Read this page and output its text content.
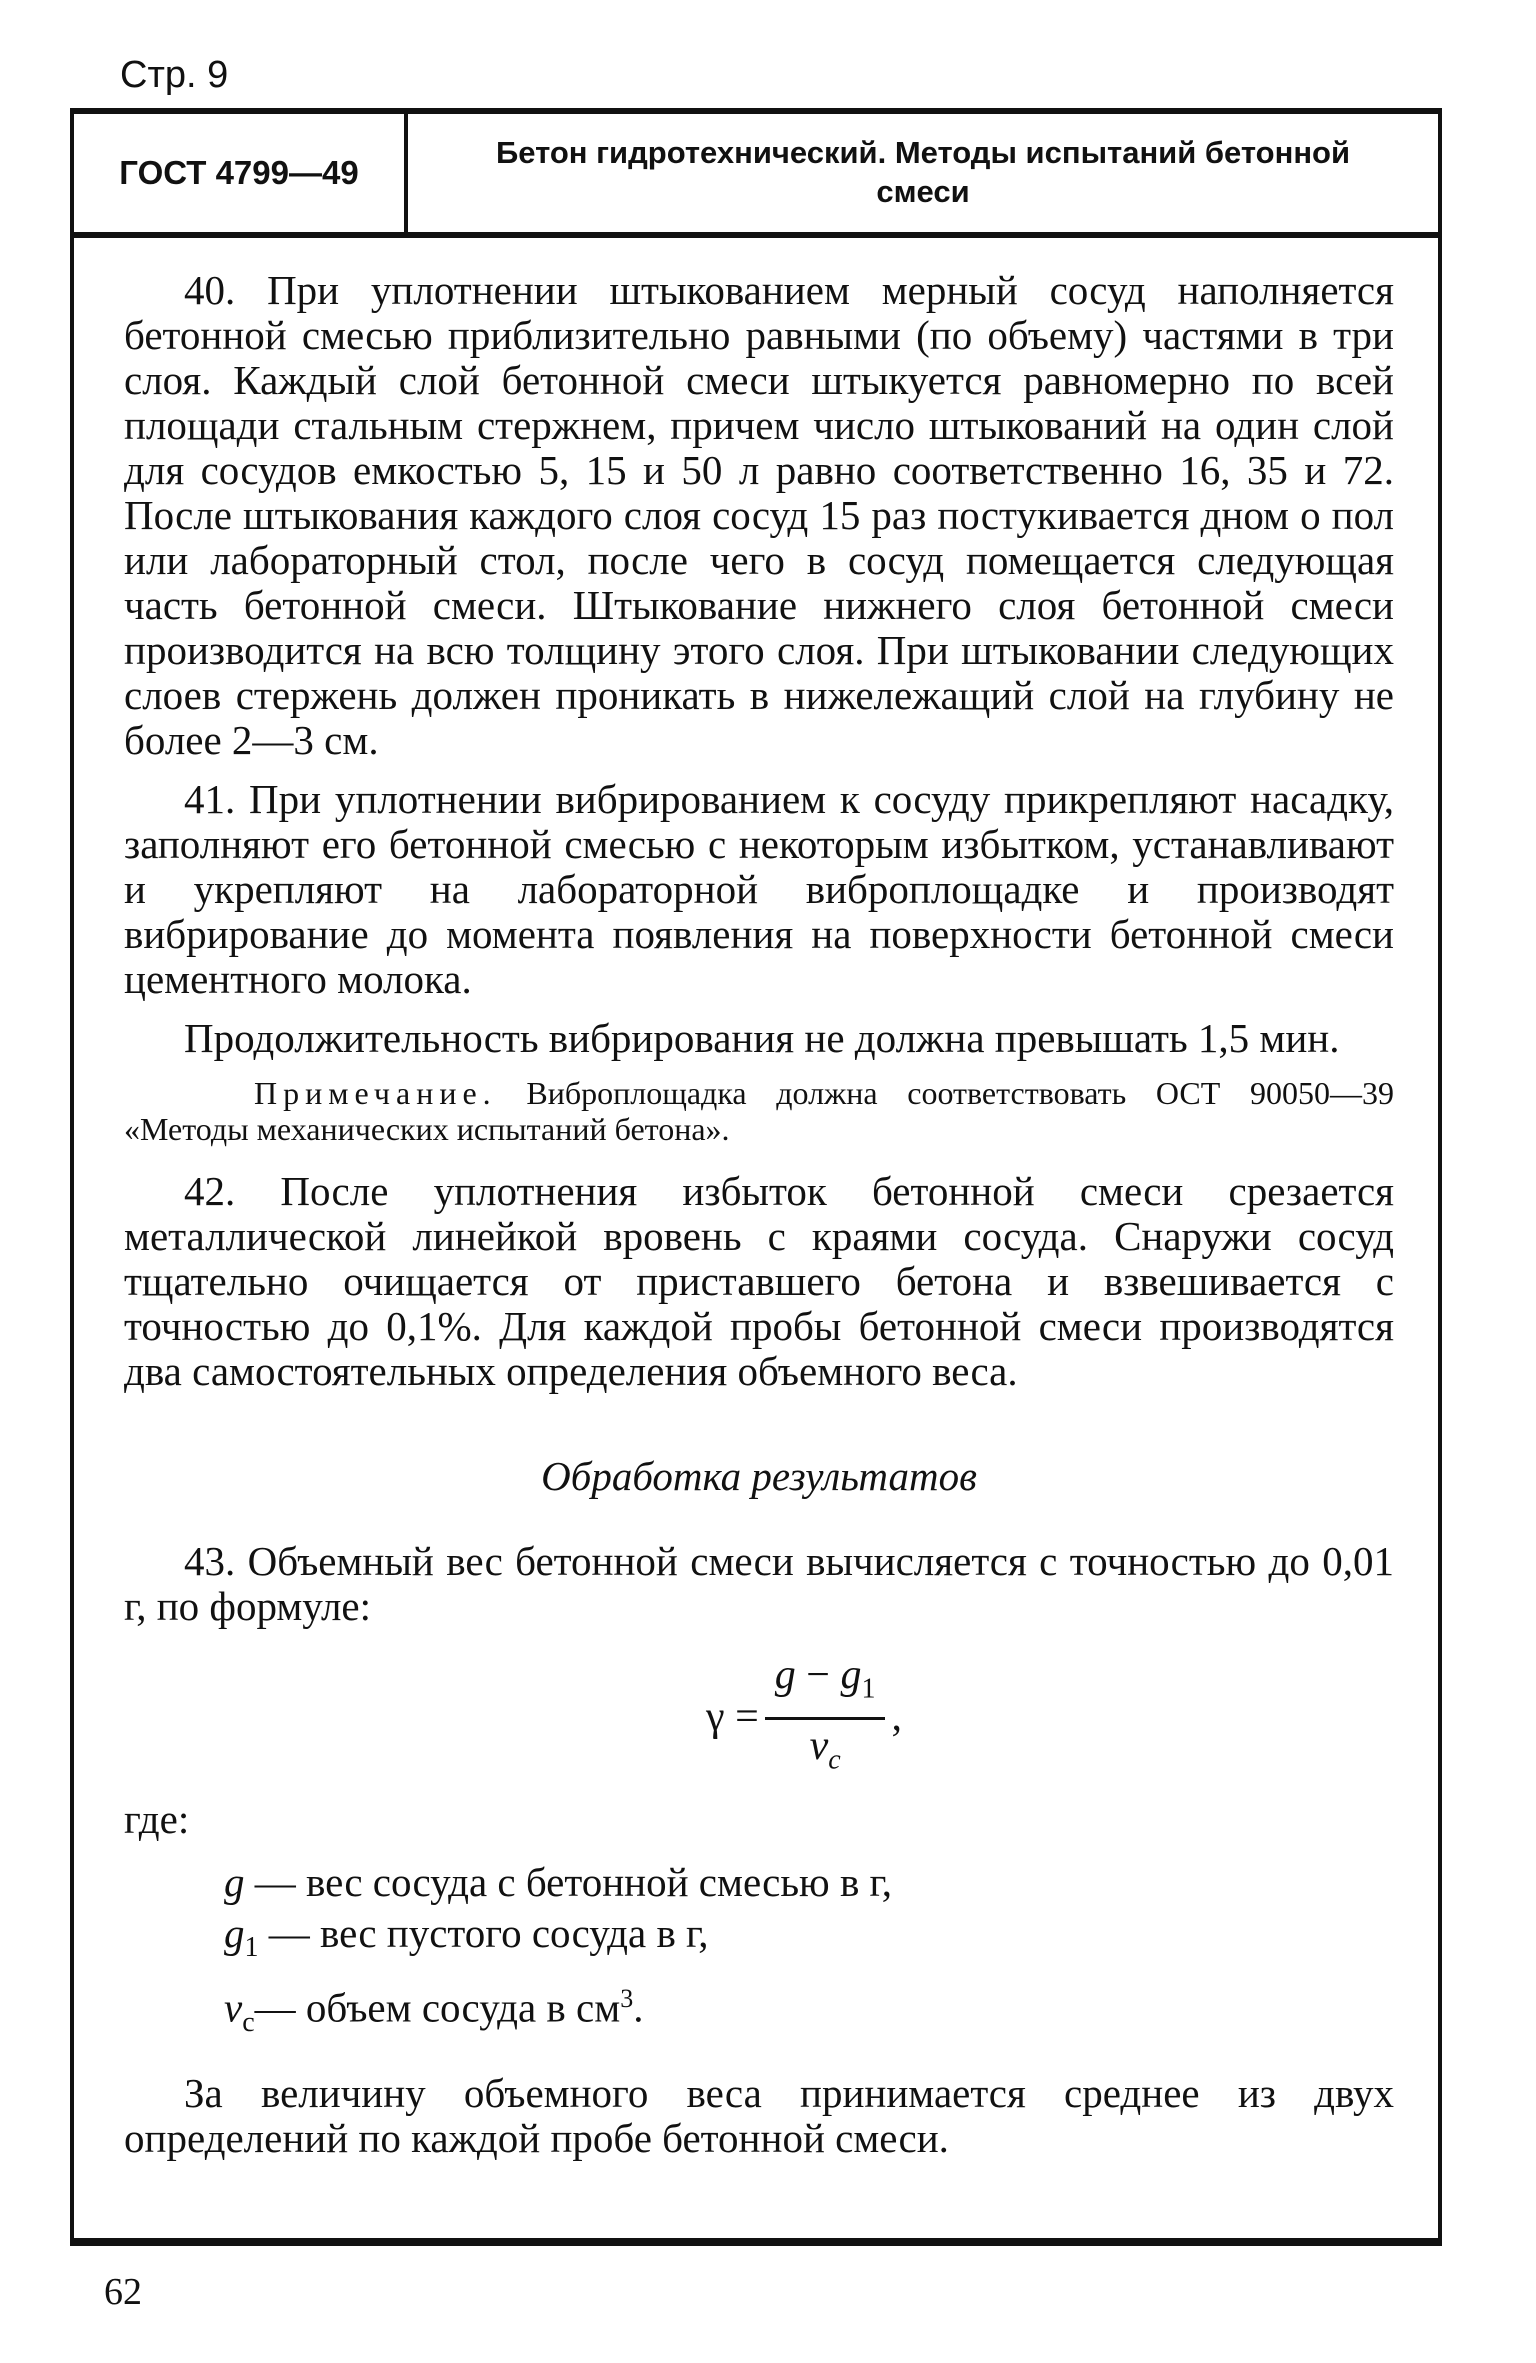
Стр. 9
ГОСТ 4799—49
Бетон гидротехнический. Методы испытаний бетонной смеси

40. При уплотнении штыкованием мерный сосуд наполняется бетонной смесью приблизительно равными (по объему) частями в три слоя. Каждый слой бетонной смеси штыкуется равномерно по всей площади стальным стержнем, причем число штыкований на один слой для сосудов емкостью 5, 15 и 50 л равно соответственно 16, 35 и 72. После штыкования каждого слоя сосуд 15 раз постукивается дном о пол или лабораторный стол, после чего в сосуд помещается следующая часть бетонной смеси. Штыкование нижнего слоя бетонной смеси производится на всю толщину этого слоя. При штыковании следующих слоев стержень должен проникать в нижележащий слой на глубину не более 2—3 см.

41. При уплотнении вибрированием к сосуду прикрепляют насадку, заполняют его бетонной смесью с некоторым избытком, устанавливают и укрепляют на лабораторной виброплощадке и производят вибрирование до момента появления на поверхности бетонной смеси цементного молока.

Продолжительность вибрирования не должна превышать 1,5 мин.

Примечание. Виброплощадка должна соответствовать ОСТ 90050—39 «Методы механических испытаний бетона».

42. После уплотнения избыток бетонной смеси срезается металлической линейкой вровень с краями сосуда. Снаружи сосуд тщательно очищается от приставшего бетона и взвешивается с точностью до 0,1%. Для каждой пробы бетонной смеси производятся два самостоятельных определения объемного веса.

Обработка результатов

43. Объемный вес бетонной смеси вычисляется с точностью до 0,01 г, по формуле:

$\gamma = \frac{g - g_1}{v_c}$ ,

где:

g — вес сосуда с бетонной смесью в г,

$g_1$ — вес пустого сосуда в г,

$v_c—$ объем сосуда в $см^3$.

За величину объемного веса принимается среднее из двух определений по каждой пробе бетонной смеси.

62
